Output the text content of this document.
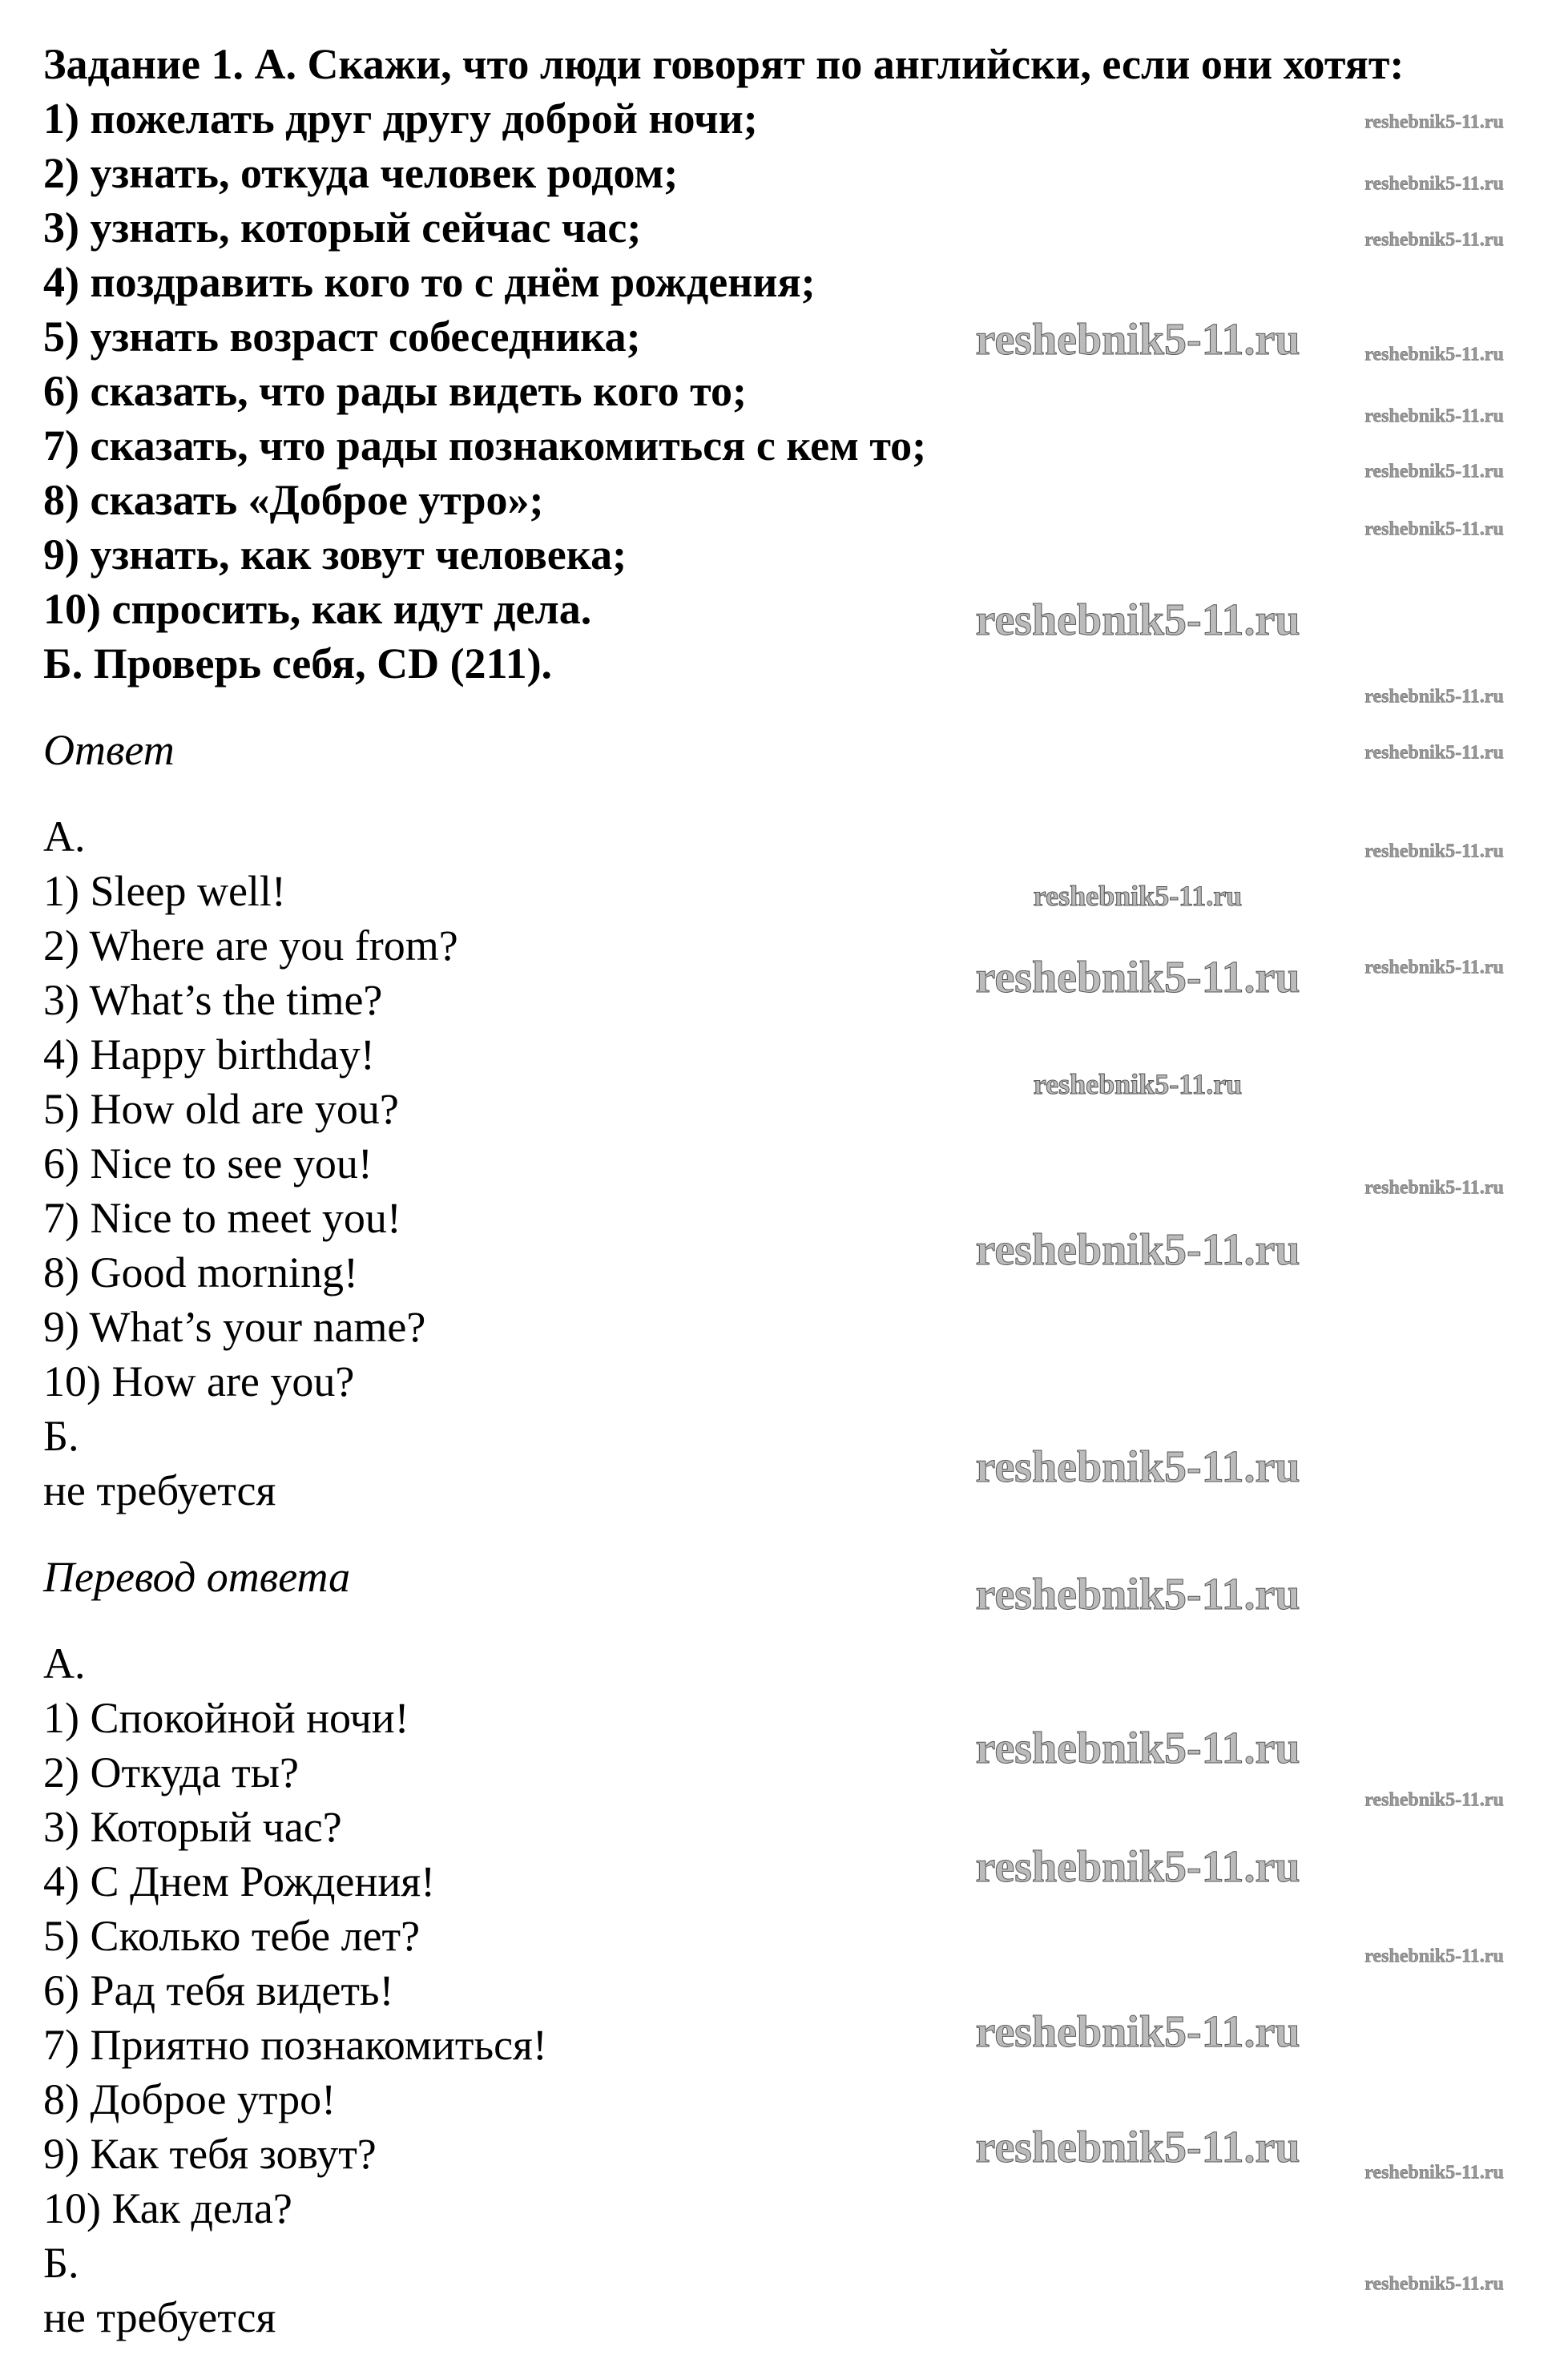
Задание 1. А. Скажи, что люди говорят по английски, если они хотят:
1) пожелать друг другу доброй ночи;
2) узнать, откуда человек родом;
3) узнать, который сейчас час;
4) поздравить кого то с днём рождения;
5) узнать возраст собеседника;
6) сказать, что рады видеть кого то;
7) сказать, что рады познакомиться с кем то;
8) сказать «Доброе утро»;
9) узнать, как зовут человека;
10) спросить, как идут дела.
Б. Проверь себя, CD (211).
Ответ
А.
1) Sleep well!
2) Where are you from?
3) What’s the time?
4) Happy birthday!
5) How old are you?
6) Nice to see you!
7) Nice to meet you!
8) Good morning!
9) What’s your name?
10) How are you?
Б.
не требуется
Перевод ответа
А.
1) Спокойной ночи!
2) Откуда ты?
3) Который час?
4) С Днем Рождения!
5) Сколько тебе лет?
6) Рад тебя видеть!
7) Приятно познакомиться!
8) Доброе утро!
9) Как тебя зовут?
10) Как дела?
Б.
не требуется
reshebnik5-11.ru
reshebnik5-11.ru
reshebnik5-11.ru
reshebnik5-11.ru
reshebnik5-11.ru
reshebnik5-11.ru
reshebnik5-11.ru
reshebnik5-11.ru
reshebnik5-11.ru
reshebnik5-11.ru
reshebnik5-11.ru
reshebnik5-11.ru
reshebnik5-11.ru
reshebnik5-11.ru
reshebnik5-11.ru
reshebnik5-11.ru
reshebnik5-11.ru
reshebnik5-11.ru
reshebnik5-11.ru
reshebnik5-11.ru
reshebnik5-11.ru
reshebnik5-11.ru
reshebnik5-11.ru
reshebnik5-11.ru
reshebnik5-11.ru
reshebnik5-11.ru
reshebnik5-11.ru
reshebnik5-11.ru
